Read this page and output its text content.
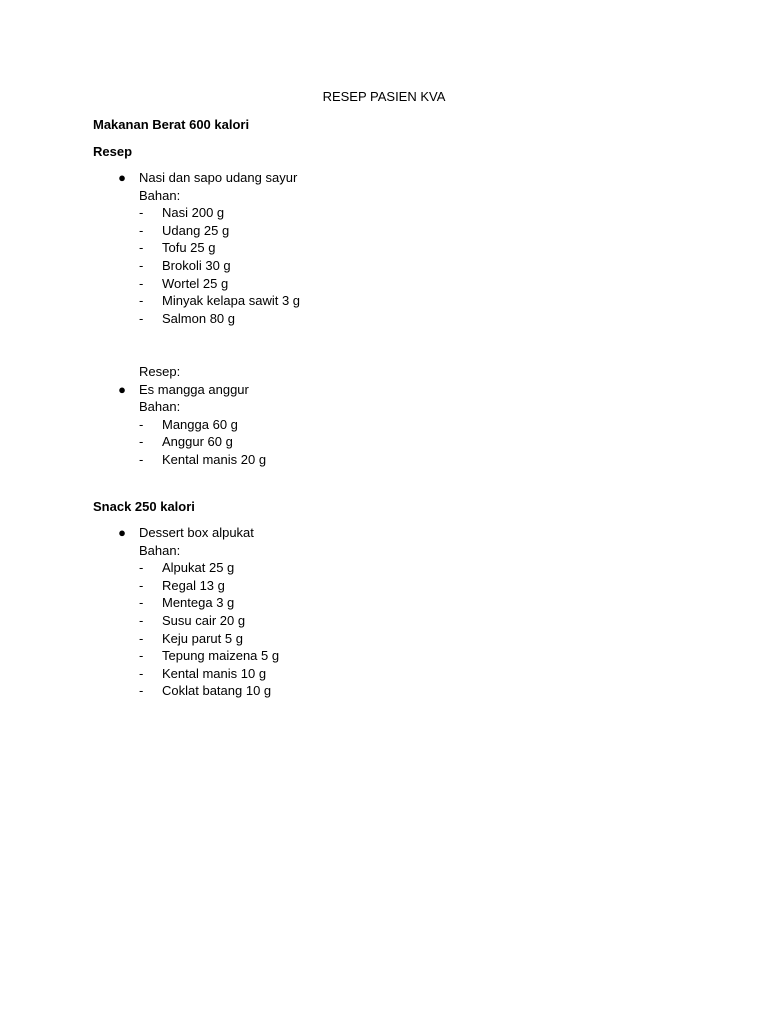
RESEP PASIEN KVA
Makanan Berat 600 kalori
Resep
● Nasi dan sapo udang sayur
Bahan:
- Nasi 200 g
- Udang 25 g
- Tofu 25 g
- Brokoli 30 g
- Wortel 25 g
- Minyak kelapa sawit 3 g
- Salmon 80 g
Resep:
● Es mangga anggur
Bahan:
- Mangga 60 g
- Anggur 60 g
- Kental manis 20 g
Snack 250 kalori
● Dessert box alpukat
Bahan:
- Alpukat 25 g
- Regal 13 g
- Mentega 3 g
- Susu cair 20 g
- Keju parut 5 g
- Tepung maizena 5 g
- Kental manis 10 g
- Coklat batang 10 g
